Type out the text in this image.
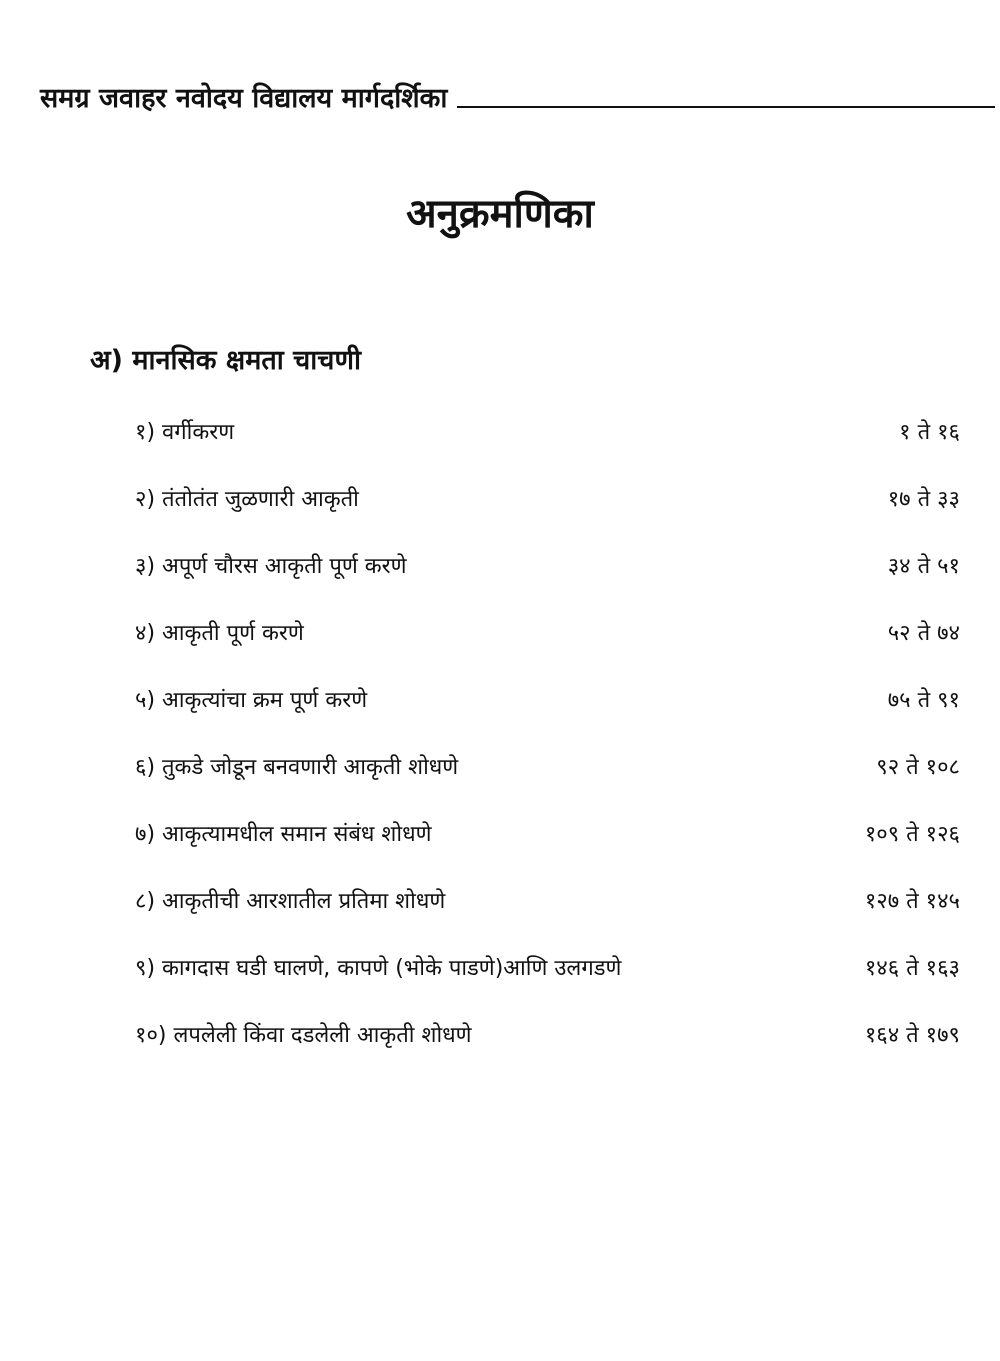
समग्र जवाहर नवोदय विद्यालय मार्गदर्शिका
अनुक्रमणिका
अ) मानसिक क्षमता चाचणी
१) वर्गीकरण	१ ते १६
२) तंतोतंत जुळणारी आकृती	१७ ते ३३
३) अपूर्ण चौरस आकृती पूर्ण करणे	३४ ते ५१
४) आकृती पूर्ण करणे	५२ ते ७४
५) आकृत्यांचा क्रम पूर्ण करणे	७५ ते ९१
६) तुकडे जोडून बनवणारी आकृती शोधणे	९२ ते १०८
७) आकृत्यामधील समान संबंध शोधणे	१०९ ते १२६
८) आकृतीची आरशातील प्रतिमा शोधणे	१२७ ते १४५
९) कागदास घडी घालणे, कापणे (भोके पाडणे)आणि उलगडणे	१४६ ते १६३
१०) लपलेली किंवा दडलेली आकृती शोधणे	१६४ ते १७९
